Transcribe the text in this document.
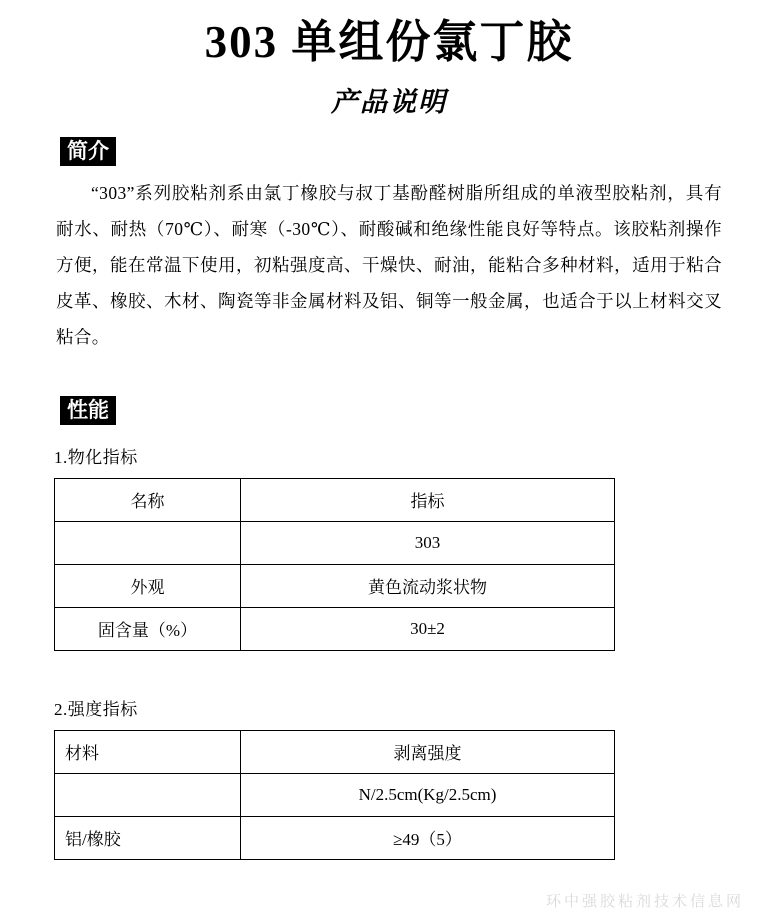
303 单组份氯丁胶
产品说明
简介

“303”系列胶粘剂系由氯丁橡胶与叔丁基酚醛树脂所组成的单液型胶粘剂，具有耐水、耐热（70℃）、耐寒（-30℃）、耐酸碱和绝缘性能良好等特点。该胶粘剂操作方便，能在常温下使用，初粘强度高、干燥快、耐油，能粘合多种材料，适用于粘合皮革、橡胶、木材、陶瓷等非金属材料及铝、铜等一般金属，也适合于以上材料交叉粘合。

性能
1.物化指标
名称	指标
	303
外观	黄色流动浆状物
固含量（%）	30±2
2.强度指标
材料	剥离强度
	N/2.5cm(Kg/2.5cm)
铝/橡胶	≥49（5）
环中强胶粘剂技术信息网
